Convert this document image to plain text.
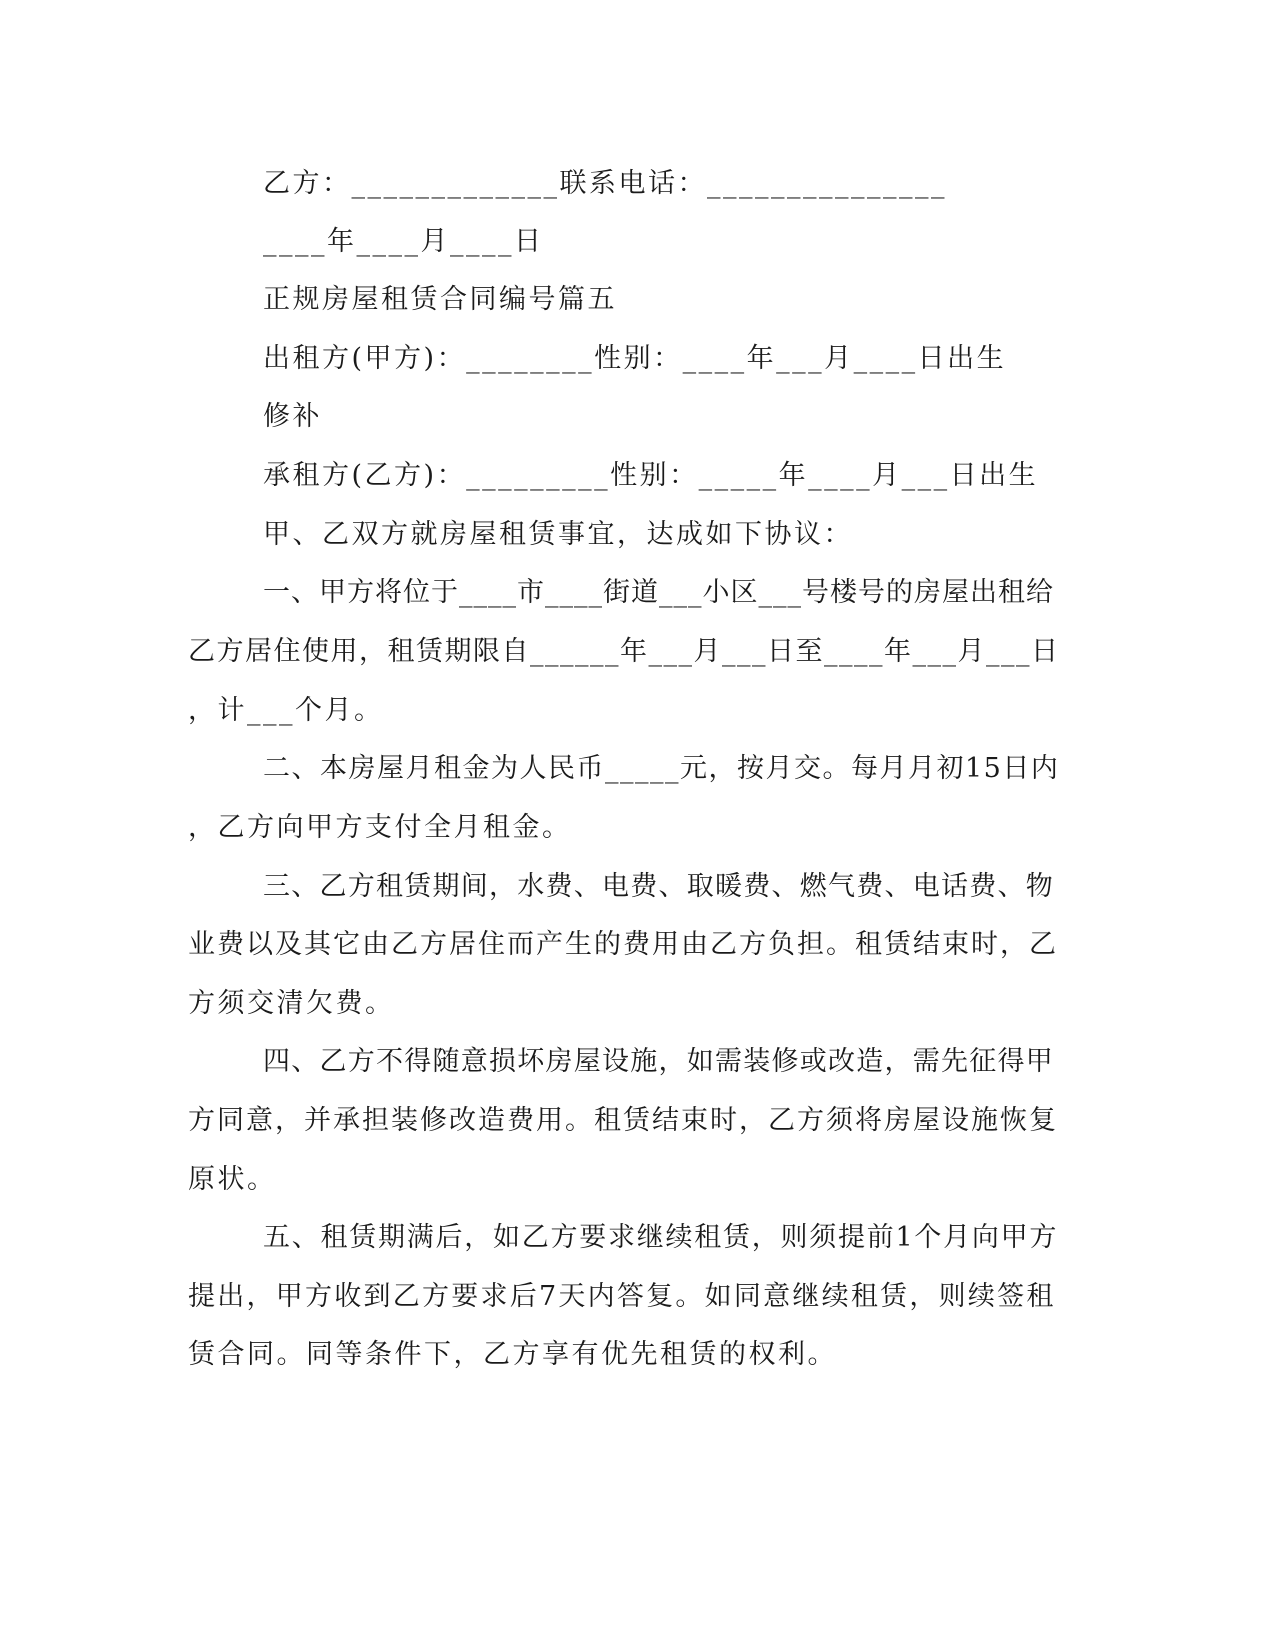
乙方：_____________联系电话：_______________
____年____月____日
正规房屋租赁合同编号篇五
出租方(甲方)：________性别：____年___月____日出生
修补
承租方(乙方)：_________性别：_____年____月___日出生
甲、乙双方就房屋租赁事宜，达成如下协议：
一、甲方将位于____市____街道___小区___号楼号的房屋出租给
乙方居住使用，租赁期限自______年___月___日至____年___月___日
，计___个月。
二、本房屋月租金为人民币_____元，按月交。每月月初15日内
，乙方向甲方支付全月租金。
三、乙方租赁期间，水费、电费、取暖费、燃气费、电话费、物
业费以及其它由乙方居住而产生的费用由乙方负担。租赁结束时，乙
方须交清欠费。
四、乙方不得随意损坏房屋设施，如需装修或改造，需先征得甲
方同意，并承担装修改造费用。租赁结束时，乙方须将房屋设施恢复
原状。
五、租赁期满后，如乙方要求继续租赁，则须提前1个月向甲方
提出，甲方收到乙方要求后7天内答复。如同意继续租赁，则续签租
赁合同。同等条件下，乙方享有优先租赁的权利。
